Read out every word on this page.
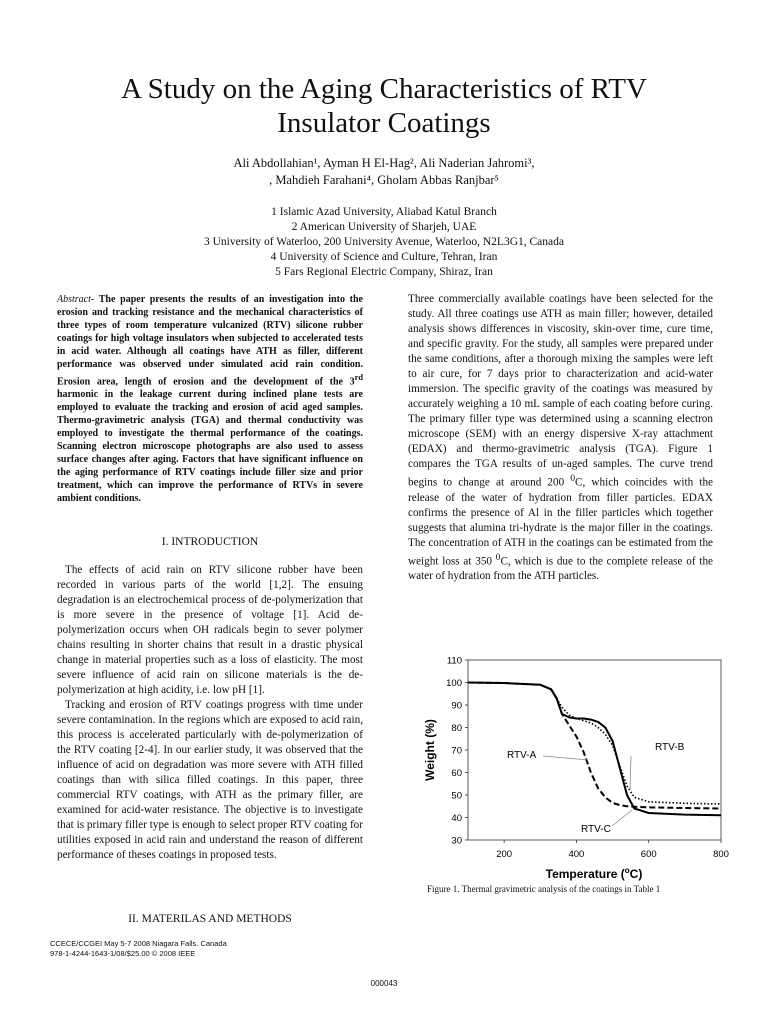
A Study on the Aging Characteristics of RTV
Insulator Coatings
Ali Abdollahian¹, Ayman H El-Hag², Ali Naderian Jahromi³,
, Mahdieh Farahani⁴, Gholam Abbas Ranjbar⁵
1 Islamic Azad University, Aliabad Katul Branch
2 American University of Sharjeh, UAE
3 University of Waterloo, 200 University Avenue, Waterloo, N2L3G1, Canada
4 University of Science and Culture, Tehran, Iran
5 Fars Regional Electric Company, Shiraz, Iran
Abstract- The paper presents the results of an investigation into the erosion and tracking resistance and the mechanical characteristics of three types of room temperature vulcanized (RTV) silicone rubber coatings for high voltage insulators when subjected to accelerated tests in acid water. Although all coatings have ATH as filler, different performance was observed under simulated acid rain condition. Erosion area, length of erosion and the development of the 3rd harmonic in the leakage current during inclined plane tests are employed to evaluate the tracking and erosion of acid aged samples. Thermo-gravimetric analysis (TGA) and thermal conductivity was employed to investigate the thermal performance of the coatings. Scanning electron microscope photographs are also used to assess surface changes after aging. Factors that have significant influence on the aging performance of RTV coatings include filler size and prior treatment, which can improve the performance of RTVs in severe ambient conditions.
I. INTRODUCTION

The effects of acid rain on RTV silicone rubber have been recorded in various parts of the world [1,2]. The ensuing degradation is an electrochemical process of de-polymerization that is more severe in the presence of voltage [1]. Acid de-polymerization occurs when OH radicals begin to sever polymer chains resulting in shorter chains that result in a drastic physical change in material properties such as a loss of elasticity. The most severe influence of acid rain on silicone materials is the de-polymerization at high acidity, i.e. low pH [1].

Tracking and erosion of RTV coatings progress with time under severe contamination. In the regions which are exposed to acid rain, this process is accelerated particularly with de-polymerization of the RTV coating [2-4]. In our earlier study, it was observed that the influence of acid on degradation was more severe with ATH filled coatings than with silica filled coatings. In this paper, three commercial RTV coatings, with ATH as the primary filler, are examined for acid-water resistance. The objective is to investigate that is primary filler type is enough to select proper RTV coating for utilities exposed in acid rain and understand the reason of different performance of theses coatings in proposed tests.

II. MATERILAS AND METHODS

Three commercially available coatings have been selected for the study. All three coatings use ATH as main filler; however, detailed analysis shows differences in viscosity, skin-over time, cure time, and specific gravity. For the study, all samples were prepared under the same conditions, after a thorough mixing the samples were left to air cure, for 7 days prior to characterization and acid-water immersion. The specific gravity of the coatings was measured by accurately weighing a 10 mL sample of each coating before curing. The primary filler type was determined using a scanning electron microscope (SEM) with an energy dispersive X-ray attachment (EDAX) and thermo-gravimetric analysis (TGA). Figure 1 compares the TGA results of un-aged samples. The curve trend begins to change at around 200 $^0$C, which coincides with the release of the water of hydration from filler particles. EDAX confirms the presence of Al in the filler particles which together suggests that alumina tri-hydrate is the major filler in the coatings. The concentration of ATH in the coatings can be estimated from the weight loss at 350 $^0$C, which is due to the complete release of the water of hydration from the ATH particles.

30
40
50
60
70
80
90
100
110
200	400	600	800
RTV-A
RTV-B
RTV-C
Weight (%)
Temperature ($^o$C)
Figure 1. Thermal gravimetric analysis of the coatings in Table 1
CCECE/CCGEI May 5-7 2008 Niagara Falls. Canada
978-1-4244-1643-1/08/$25.00 © 2008 IEEE
000043
